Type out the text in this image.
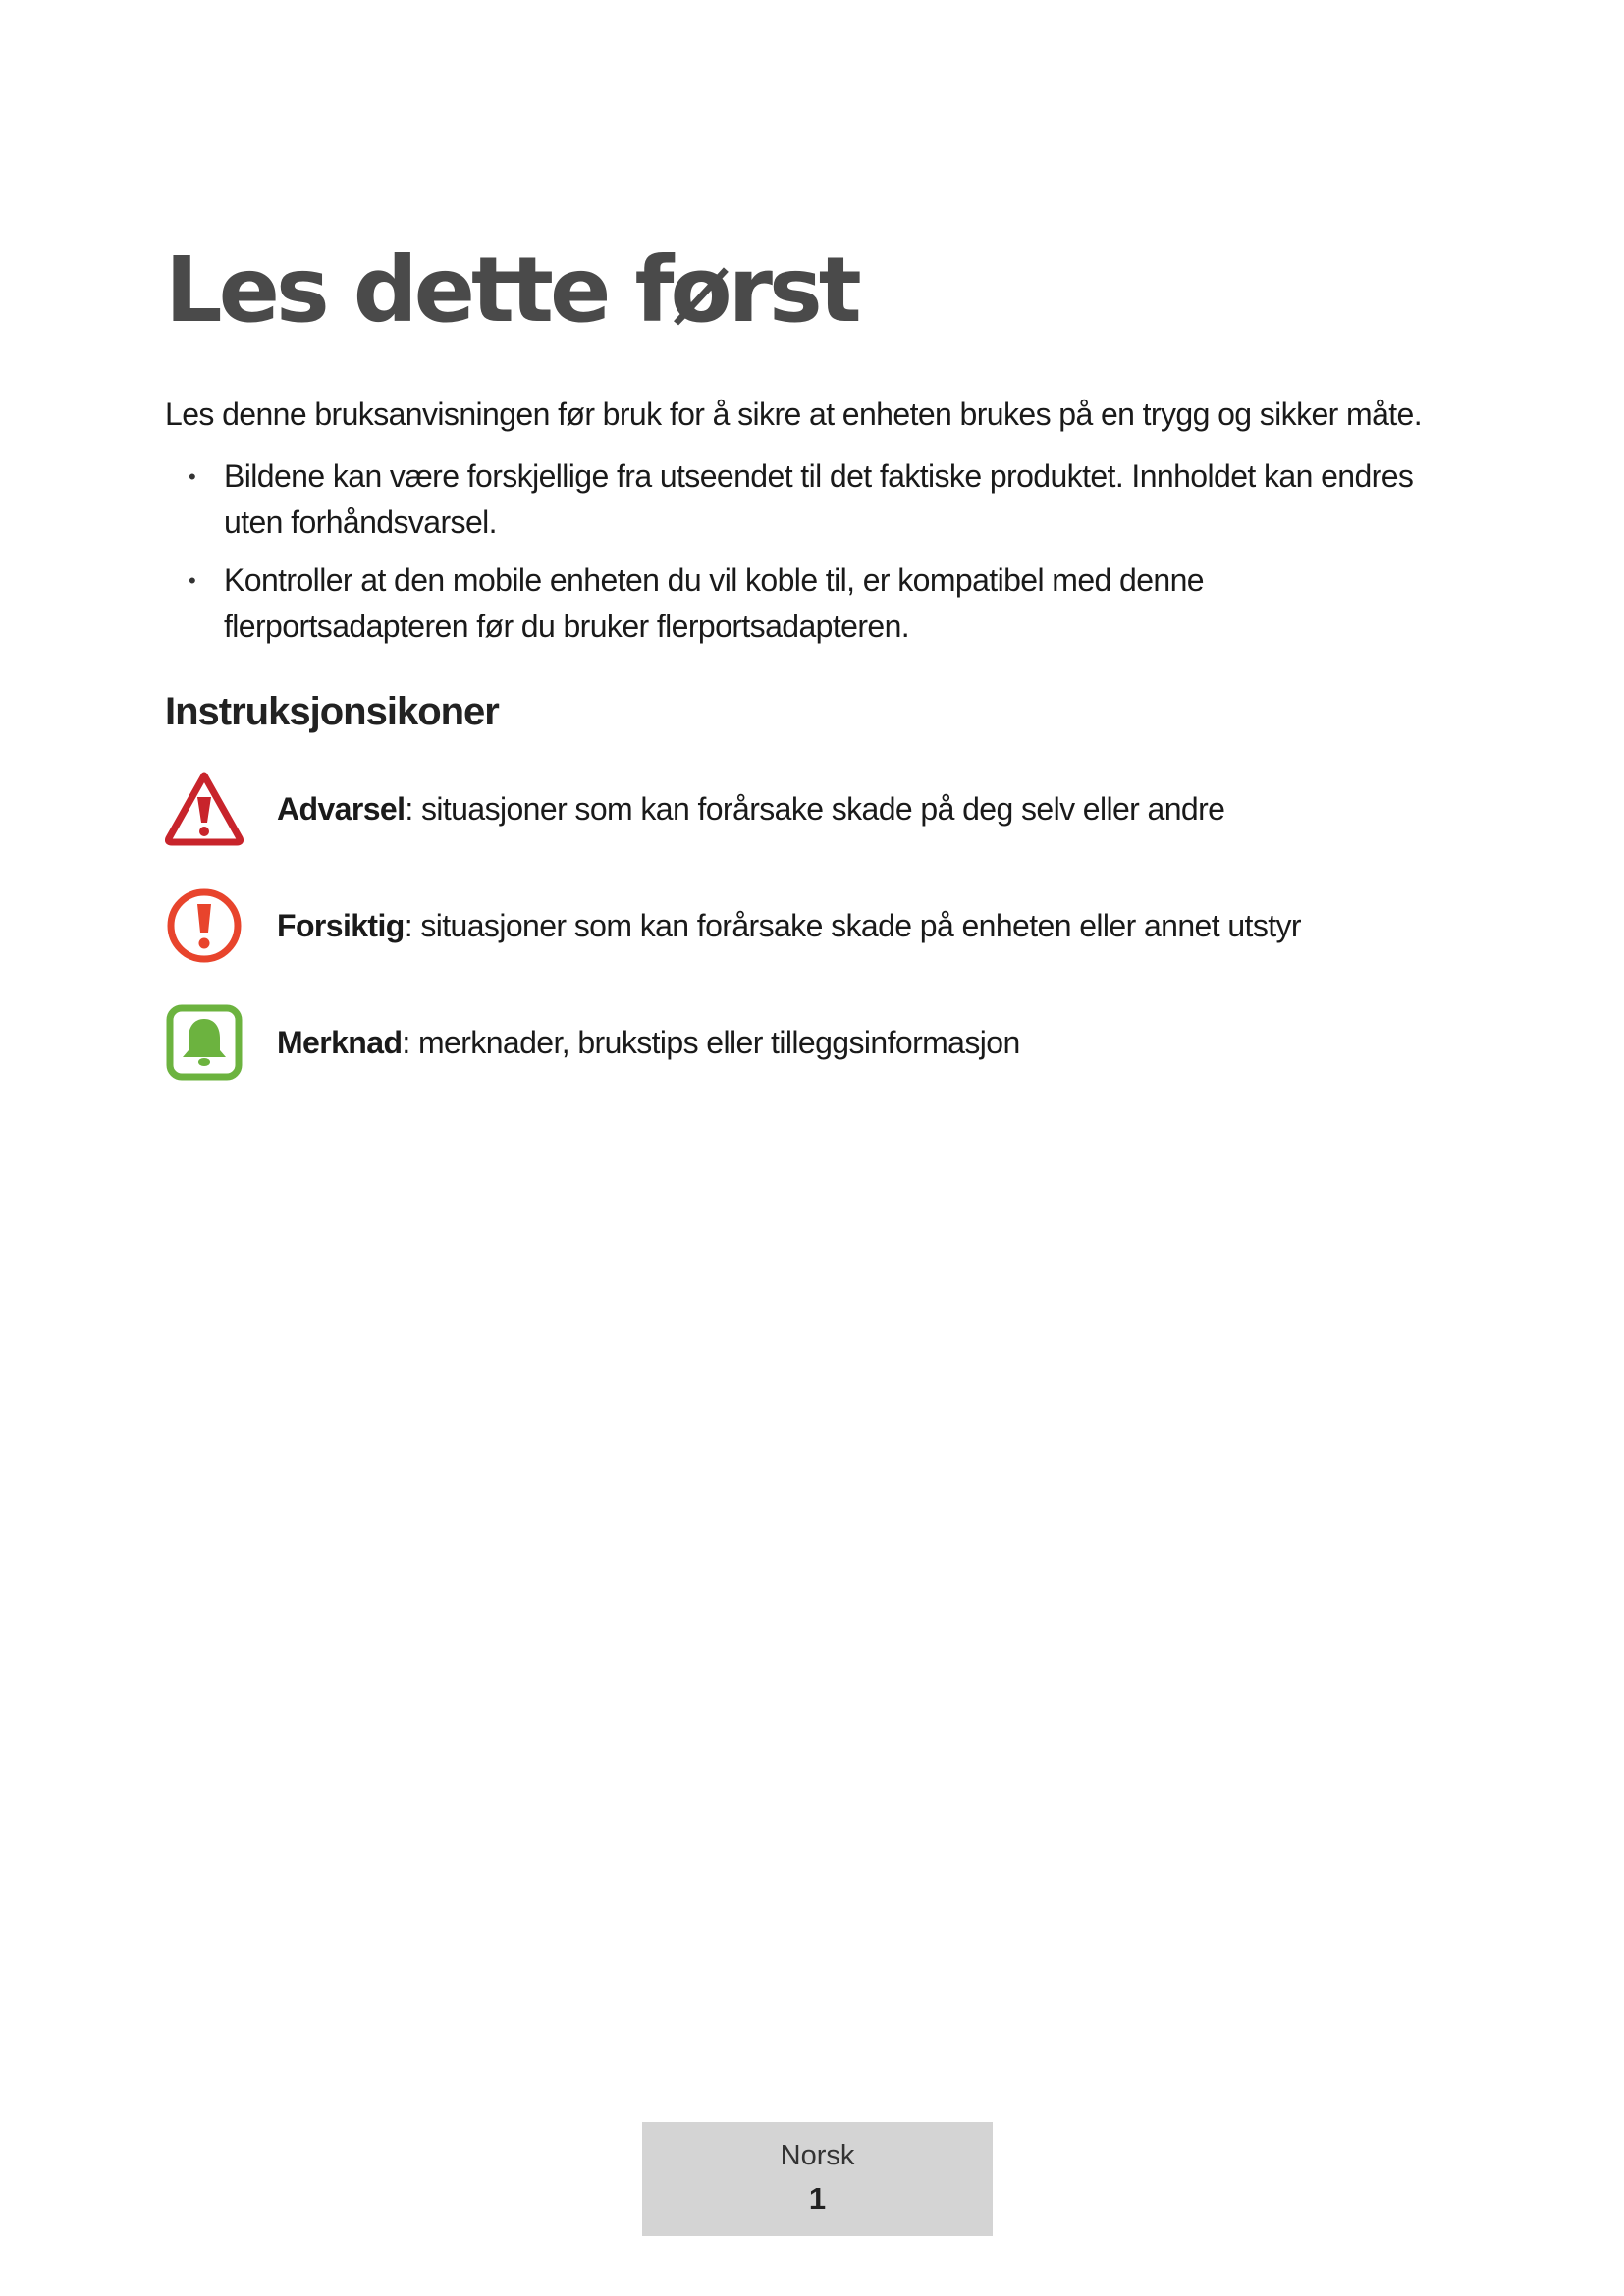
Les dette først

Les denne bruksanvisningen før bruk for å sikre at enheten brukes på en trygg og sikker måte.

• Bildene kan være forskjellige fra utseendet til det faktiske produktet. Innholdet kan endres uten forhåndsvarsel.
• Kontroller at den mobile enheten du vil koble til, er kompatibel med denne flerportsadapteren før du bruker flerportsadapteren.
Instruksjonsikoner
Advarsel: situasjoner som kan forårsake skade på deg selv eller andre
Forsiktig: situasjoner som kan forårsake skade på enheten eller annet utstyr
Merknad: merknader, brukstips eller tilleggsinformasjon
Norsk
1
